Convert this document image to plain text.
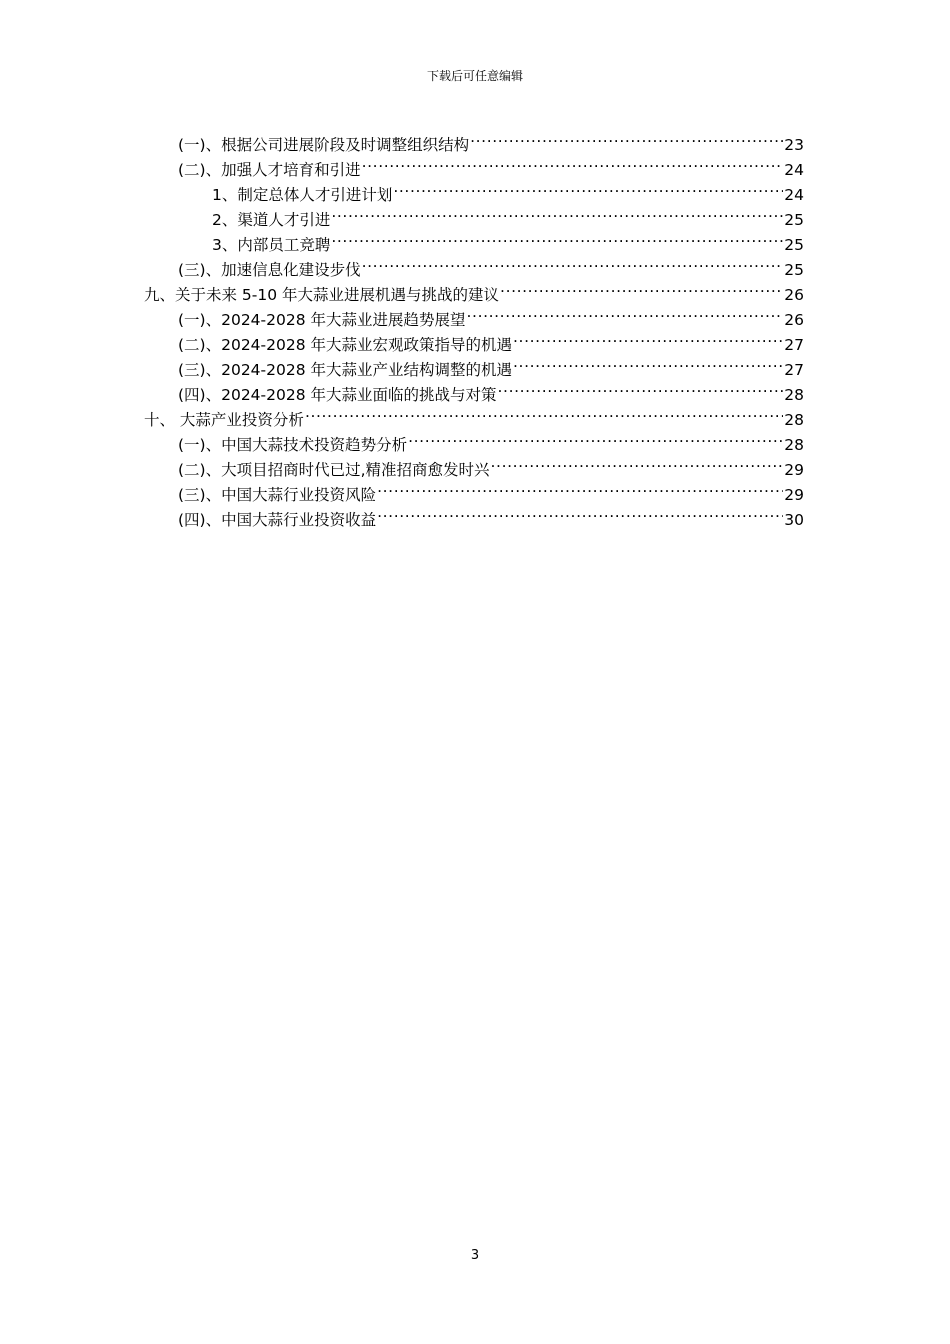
下载后可任意编辑
(一)、根据公司进展阶段及时调整组织结构 .....	23
(二)、加强人才培育和引进 .....	24
1、制定总体人才引进计划 .....	24
2、渠道人才引进 .....	25
3、内部员工竞聘 .....	25
(三)、加速信息化建设步伐 .....	25
九、关于未来 5-10 年大蒜业进展机遇与挑战的建议 .....	26
(一)、2024-2028 年大蒜业进展趋势展望 .....	26
(二)、2024-2028 年大蒜业宏观政策指导的机遇 .....	27
(三)、2024-2028 年大蒜业产业结构调整的机遇 .....	27
(四)、2024-2028 年大蒜业面临的挑战与对策 .....	28
十、 大蒜产业投资分析 .....	28
(一)、中国大蒜技术投资趋势分析 .....	28
(二)、大项目招商时代已过,精准招商愈发时兴 .....	29
(三)、中国大蒜行业投资风险 .....	29
(四)、中国大蒜行业投资收益 .....	30
3
